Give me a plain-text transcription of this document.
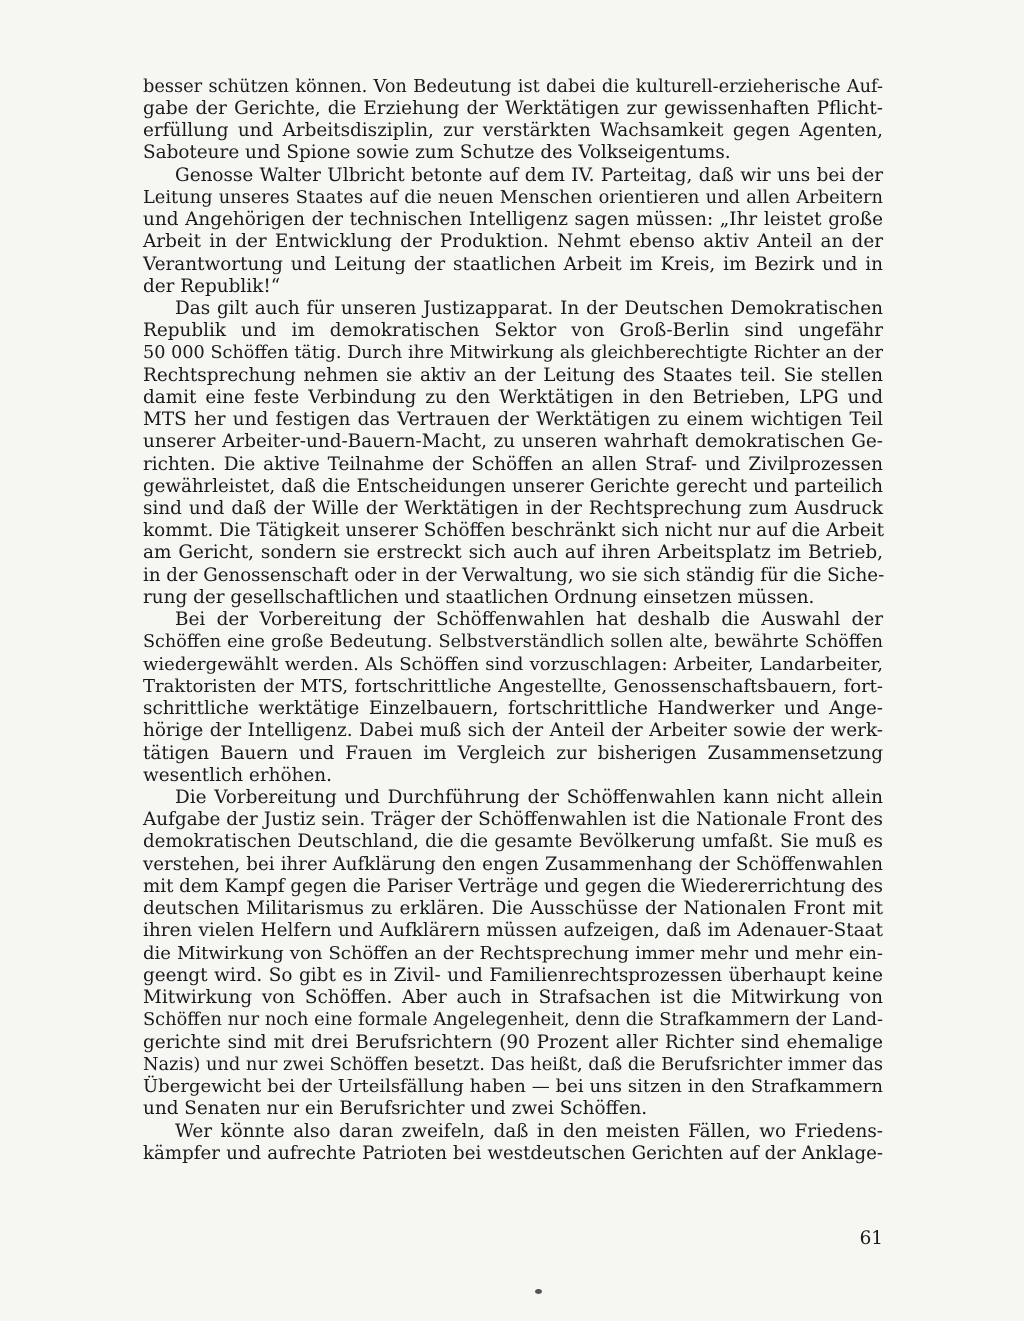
besser schützen können. Von Bedeutung ist dabei die kulturell-erzieherische Auf-
gabe der Gerichte, die Erziehung der Werktätigen zur gewissenhaften Pflicht-
erfüllung und Arbeitsdisziplin, zur verstärkten Wachsamkeit gegen Agenten,
Saboteure und Spione sowie zum Schutze des Volkseigentums.
Genosse Walter Ulbricht betonte auf dem IV. Parteitag, daß wir uns bei der
Leitung unseres Staates auf die neuen Menschen orientieren und allen Arbeitern
und Angehörigen der technischen Intelligenz sagen müssen: „Ihr leistet große
Arbeit in der Entwicklung der Produktion. Nehmt ebenso aktiv Anteil an der
Verantwortung und Leitung der staatlichen Arbeit im Kreis, im Bezirk und in
der Republik!“
Das gilt auch für unseren Justizapparat. In der Deutschen Demokratischen
Republik und im demokratischen Sektor von Groß-Berlin sind ungefähr
50 000 Schöffen tätig. Durch ihre Mitwirkung als gleichberechtigte Richter an der
Rechtsprechung nehmen sie aktiv an der Leitung des Staates teil. Sie stellen
damit eine feste Verbindung zu den Werktätigen in den Betrieben, LPG und
MTS her und festigen das Vertrauen der Werktätigen zu einem wichtigen Teil
unserer Arbeiter-und-Bauern-Macht, zu unseren wahrhaft demokratischen Ge-
richten. Die aktive Teilnahme der Schöffen an allen Straf- und Zivilprozessen
gewährleistet, daß die Entscheidungen unserer Gerichte gerecht und parteilich
sind und daß der Wille der Werktätigen in der Rechtsprechung zum Ausdruck
kommt. Die Tätigkeit unserer Schöffen beschränkt sich nicht nur auf die Arbeit
am Gericht, sondern sie erstreckt sich auch auf ihren Arbeitsplatz im Betrieb,
in der Genossenschaft oder in der Verwaltung, wo sie sich ständig für die Siche-
rung der gesellschaftlichen und staatlichen Ordnung einsetzen müssen.
Bei der Vorbereitung der Schöffenwahlen hat deshalb die Auswahl der
Schöffen eine große Bedeutung. Selbstverständlich sollen alte, bewährte Schöffen
wiedergewählt werden. Als Schöffen sind vorzuschlagen: Arbeiter, Landarbeiter,
Traktoristen der MTS, fortschrittliche Angestellte, Genossenschaftsbauern, fort-
schrittliche werktätige Einzelbauern, fortschrittliche Handwerker und Ange-
hörige der Intelligenz. Dabei muß sich der Anteil der Arbeiter sowie der werk-
tätigen Bauern und Frauen im Vergleich zur bisherigen Zusammensetzung
wesentlich erhöhen.
Die Vorbereitung und Durchführung der Schöffenwahlen kann nicht allein
Aufgabe der Justiz sein. Träger der Schöffenwahlen ist die Nationale Front des
demokratischen Deutschland, die die gesamte Bevölkerung umfaßt. Sie muß es
verstehen, bei ihrer Aufklärung den engen Zusammenhang der Schöffenwahlen
mit dem Kampf gegen die Pariser Verträge und gegen die Wiedererrichtung des
deutschen Militarismus zu erklären. Die Ausschüsse der Nationalen Front mit
ihren vielen Helfern und Aufklärern müssen aufzeigen, daß im Adenauer-Staat
die Mitwirkung von Schöffen an der Rechtsprechung immer mehr und mehr ein-
geengt wird. So gibt es in Zivil- und Familienrechtsprozessen überhaupt keine
Mitwirkung von Schöffen. Aber auch in Strafsachen ist die Mitwirkung von
Schöffen nur noch eine formale Angelegenheit, denn die Strafkammern der Land-
gerichte sind mit drei Berufsrichtern (90 Prozent aller Richter sind ehemalige
Nazis) und nur zwei Schöffen besetzt. Das heißt, daß die Berufsrichter immer das
Übergewicht bei der Urteilsfällung haben — bei uns sitzen in den Strafkammern
und Senaten nur ein Berufsrichter und zwei Schöffen.
Wer könnte also daran zweifeln, daß in den meisten Fällen, wo Friedens-
kämpfer und aufrechte Patrioten bei westdeutschen Gerichten auf der Anklage-
61
